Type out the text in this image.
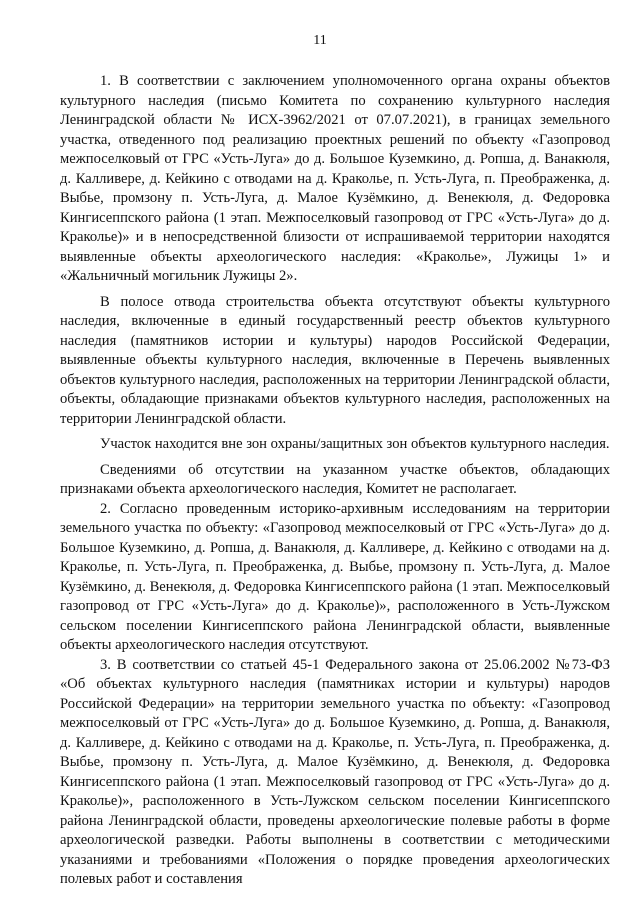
11

1. В соответствии с заключением уполномоченного органа охраны объектов культурного наследия (письмо Комитета по сохранению культурного наследия Ленинградской области № ИСХ-3962/2021 от 07.07.2021), в границах земельного участка, отведенного под реализацию проектных решений по объекту «Газопровод межпоселковый от ГРС «Усть-Луга» до д. Большое Куземкино, д. Ропша, д. Ванакюля, д. Калливере, д. Кейкино с отводами на д. Краколье, п. Усть-Луга, п. Преображенка, д. Выбье, промзону п. Усть-Луга, д. Малое Кузёмкино, д. Венекюля, д. Федоровка Кингисеппского района (1 этап. Межпоселковый газопровод от ГРС «Усть-Луга» до д. Краколье)» и в непосредственной близости от испрашиваемой территории находятся выявленные объекты археологического наследия: «Краколье», Лужицы 1» и «Жальничный могильник Лужицы 2».

В полосе отвода строительства объекта отсутствуют объекты культурного наследия, включенные в единый государственный реестр объектов культурного наследия (памятников истории и культуры) народов Российской Федерации, выявленные объекты культурного наследия, включенные в Перечень выявленных объектов культурного наследия, расположенных на территории Ленинградской области, объекты, обладающие признаками объектов культурного наследия, расположенных на территории Ленинградской области.

Участок находится вне зон охраны/защитных зон объектов культурного наследия.

Сведениями об отсутствии на указанном участке объектов, обладающих признаками объекта археологического наследия, Комитет не располагает.

2. Согласно проведенным историко-архивным исследованиям на территории земельного участка по объекту: «Газопровод межпоселковый от ГРС «Усть-Луга» до д. Большое Куземкино, д. Ропша, д. Ванакюля, д. Калливере, д. Кейкино с отводами на д. Краколье, п. Усть-Луга, п. Преображенка, д. Выбье, промзону п. Усть-Луга, д. Малое Кузёмкино, д. Венекюля, д. Федоровка Кингисеппского района (1 этап. Межпоселковый газопровод от ГРС «Усть-Луга» до д. Краколье)», расположенного в Усть-Лужском сельском поселении Кингисеппского района Ленинградской области, выявленные объекты археологического наследия отсутствуют.

3. В соответствии со статьей 45-1 Федерального закона от 25.06.2002 №73-ФЗ «Об объектах культурного наследия (памятниках истории и культуры) народов Российской Федерации» на территории земельного участка по объекту: «Газопровод межпоселковый от ГРС «Усть-Луга» до д. Большое Куземкино, д. Ропша, д. Ванакюля, д. Калливере, д. Кейкино с отводами на д. Краколье, п. Усть-Луга, п. Преображенка, д. Выбье, промзону п. Усть-Луга, д. Малое Кузёмкино, д. Венекюля, д. Федоровка Кингисеппского района (1 этап. Межпоселковый газопровод от ГРС «Усть-Луга» до д. Краколье)», расположенного в Усть-Лужском сельском поселении Кингисеппского района Ленинградской области, проведены археологические полевые работы в форме археологической разведки. Работы выполнены в соответствии с методическими указаниями и требованиями «Положения о порядке проведения археологических полевых работ и составления
